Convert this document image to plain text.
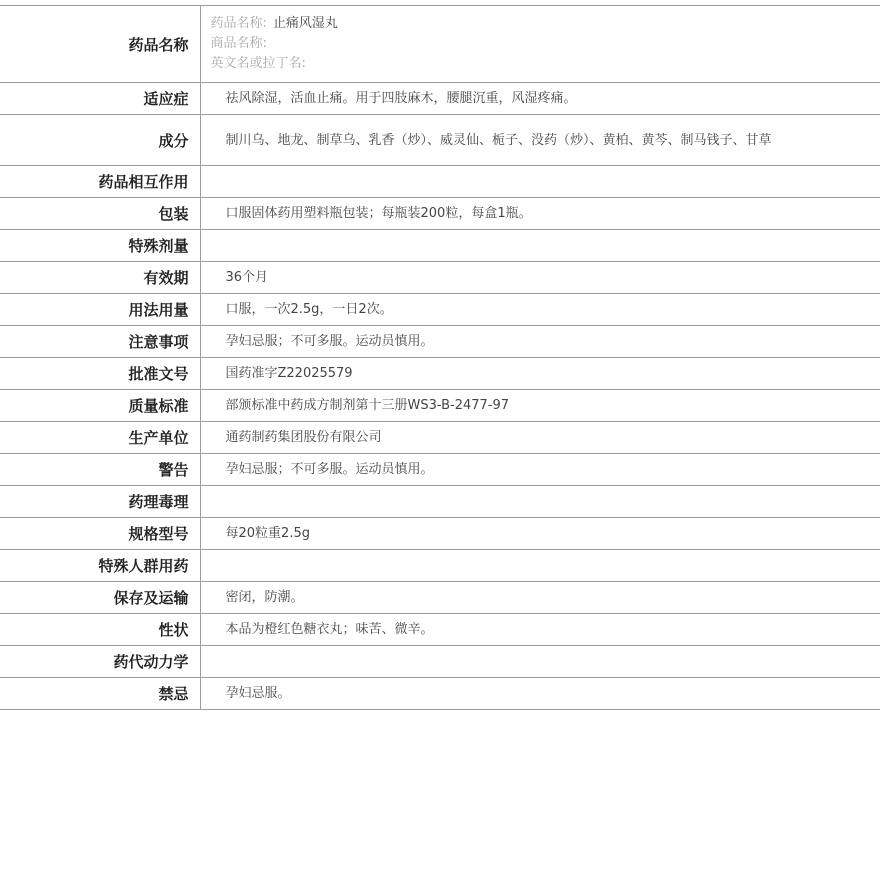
药品名称	药品名称: 止痛风湿丸
商品名称:
英文名或拉丁名:

适应症	祛风除湿，活血止痛。用于四肢麻木，腰腿沉重，风湿疼痛。
成分	制川乌、地龙、制草乌、乳香（炒）、威灵仙、栀子、没药（炒）、黄柏、黄芩、制马钱子、甘草

药品相互作用	
包装	口服固体药用塑料瓶包装；每瓶装200粒，每盒1瓶。
特殊剂量	
有效期	36个月
用法用量	口服，一次2.5g，一日2次。
注意事项	孕妇忌服；不可多服。运动员慎用。
批准文号	国药准字Z22025579
质量标准	部颁标准中药成方制剂第十三册WS3-B-2477-97
生产单位	通药制药集团股份有限公司
警告	孕妇忌服；不可多服。运动员慎用。
药理毒理	
规格型号	每20粒重2.5g
特殊人群用药	
保存及运输	密闭，防潮。
性状	本品为橙红色糖衣丸；味苦、微辛。
药代动力学	
禁忌	孕妇忌服。
